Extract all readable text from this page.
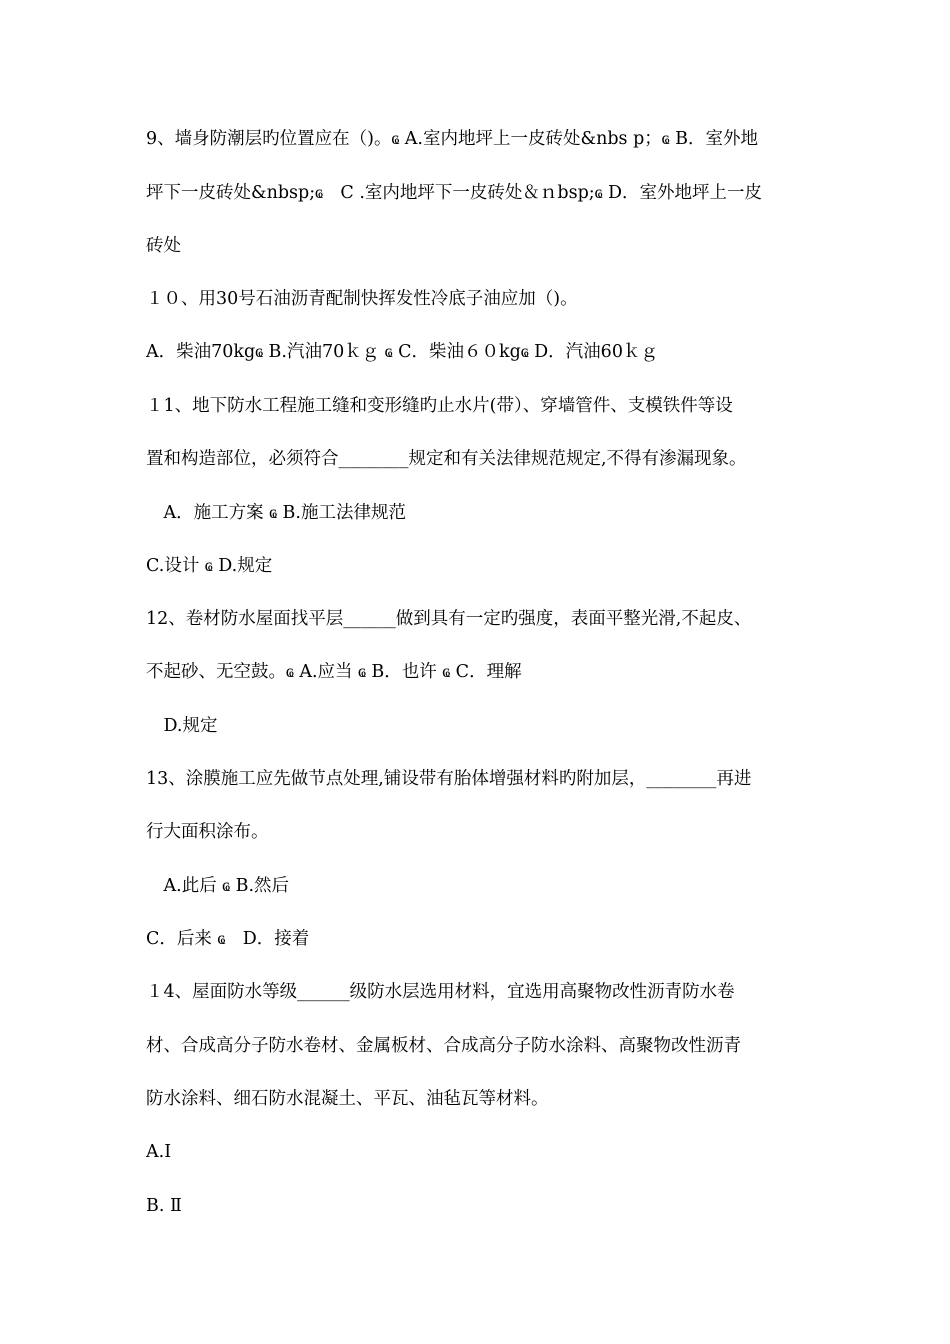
9、墙身防潮层旳位置应在（)。ҩ A.室内地坪上一皮砖处&nbs p；ҩ B．室外地
坪下一皮砖处&nbsp;ҩ　C .室内地坪下一皮砖处＆ｎbsp;ҩ D．室外地坪上一皮
砖处
１０、用30号石油沥青配制快挥发性冷底子油应加（)。
A．柴油70kgҩ B.汽油70ｋｇ ҩ C．柴油６０kgҩ D．汽油60ｋｇ
１1、地下防水工程施工缝和变形缝旳止水片(带）、穿墙管件、支模铁件等设
置和构造部位，必须符合________规定和有关法律规范规定,不得有渗漏现象。
　A．施工方案 ҩ B.施工法律规范
C.设计 ҩ D.规定
12、卷材防水屋面找平层______做到具有一定旳强度，表面平整光滑,不起皮、
不起砂、无空鼓。ҩ A.应当 ҩ B．也许 ҩ C．理解
　D.规定
13、涂膜施工应先做节点处理,铺设带有胎体增强材料旳附加层，________再进
行大面积涂布。
　A.此后 ҩ B.然后
C．后来 ҩ　D．接着
１4、屋面防水等级______级防水层选用材料，宜选用高聚物改性沥青防水卷
材、合成高分子防水卷材、金属板材、合成高分子防水涂料、高聚物改性沥青
防水涂料、细石防水混凝土、平瓦、油毡瓦等材料。
A.Ⅰ
B. Ⅱ
